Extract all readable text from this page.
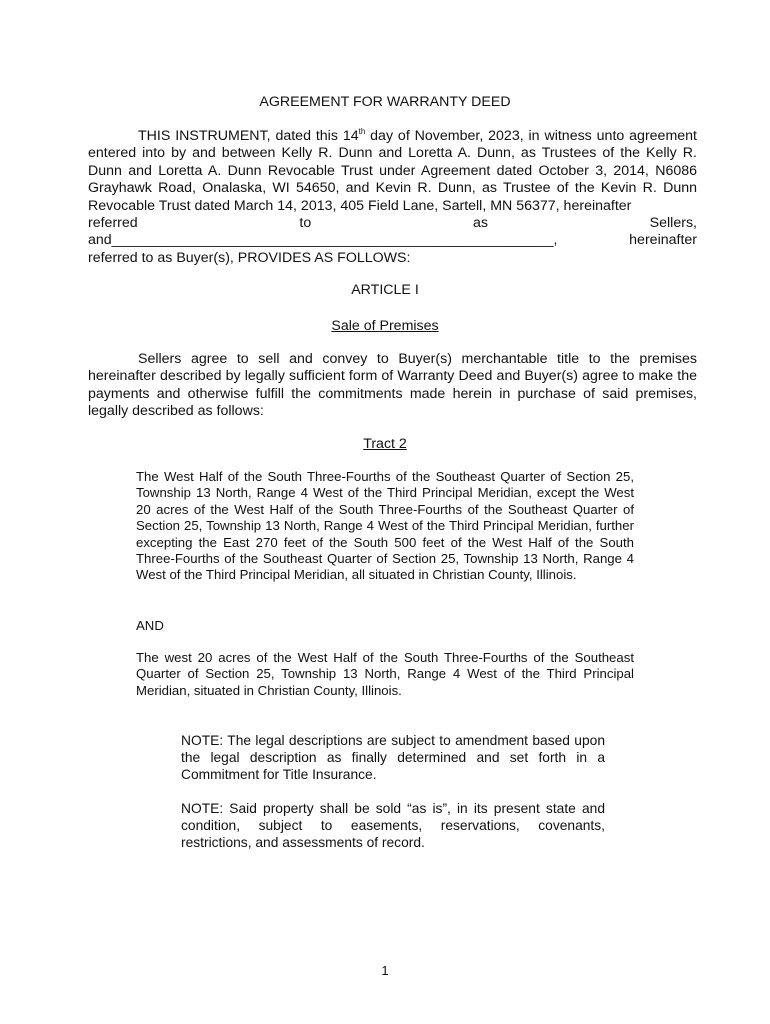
AGREEMENT FOR WARRANTY DEED
THIS INSTRUMENT, dated this 14th day of November, 2023, in witness unto agreement entered into by and between Kelly R. Dunn and Loretta A. Dunn, as Trustees of the Kelly R. Dunn and Loretta A. Dunn Revocable Trust under Agreement dated October 3, 2014, N6086 Grayhawk Road, Onalaska, WI 54650, and Kevin R. Dunn, as Trustee of the Kevin R. Dunn Revocable Trust dated March 14, 2013, 405 Field Lane, Sartell, MN 56377, hereinafter
referred	to	as	Sellers,
and________________________________________________________,	hereinafter
referred to as Buyer(s), PROVIDES AS FOLLOWS:
ARTICLE I
Sale of Premises
Sellers agree to sell and convey to Buyer(s) merchantable title to the premises hereinafter described by legally sufficient form of Warranty Deed and Buyer(s) agree to make the payments and otherwise fulfill the commitments made herein in purchase of said premises, legally described as follows:
Tract 2
The West Half of the South Three-Fourths of the Southeast Quarter of Section 25, Township 13 North, Range 4 West of the Third Principal Meridian, except the West 20 acres of the West Half of the South Three-Fourths of the Southeast Quarter of Section 25, Township 13 North, Range 4 West of the Third Principal Meridian, further excepting the East 270 feet of the South 500 feet of the West Half of the South Three-Fourths of the Southeast Quarter of Section 25, Township 13 North, Range 4 West of the Third Principal Meridian, all situated in Christian County, Illinois.
AND
The west 20 acres of the West Half of the South Three-Fourths of the Southeast Quarter of Section 25, Township 13 North, Range 4 West of the Third Principal Meridian, situated in Christian County, Illinois.
NOTE: The legal descriptions are subject to amendment based upon the legal description as finally determined and set forth in a Commitment for Title Insurance.
NOTE: Said property shall be sold “as is”, in its present state and condition, subject to easements, reservations, covenants, restrictions, and assessments of record.
1
